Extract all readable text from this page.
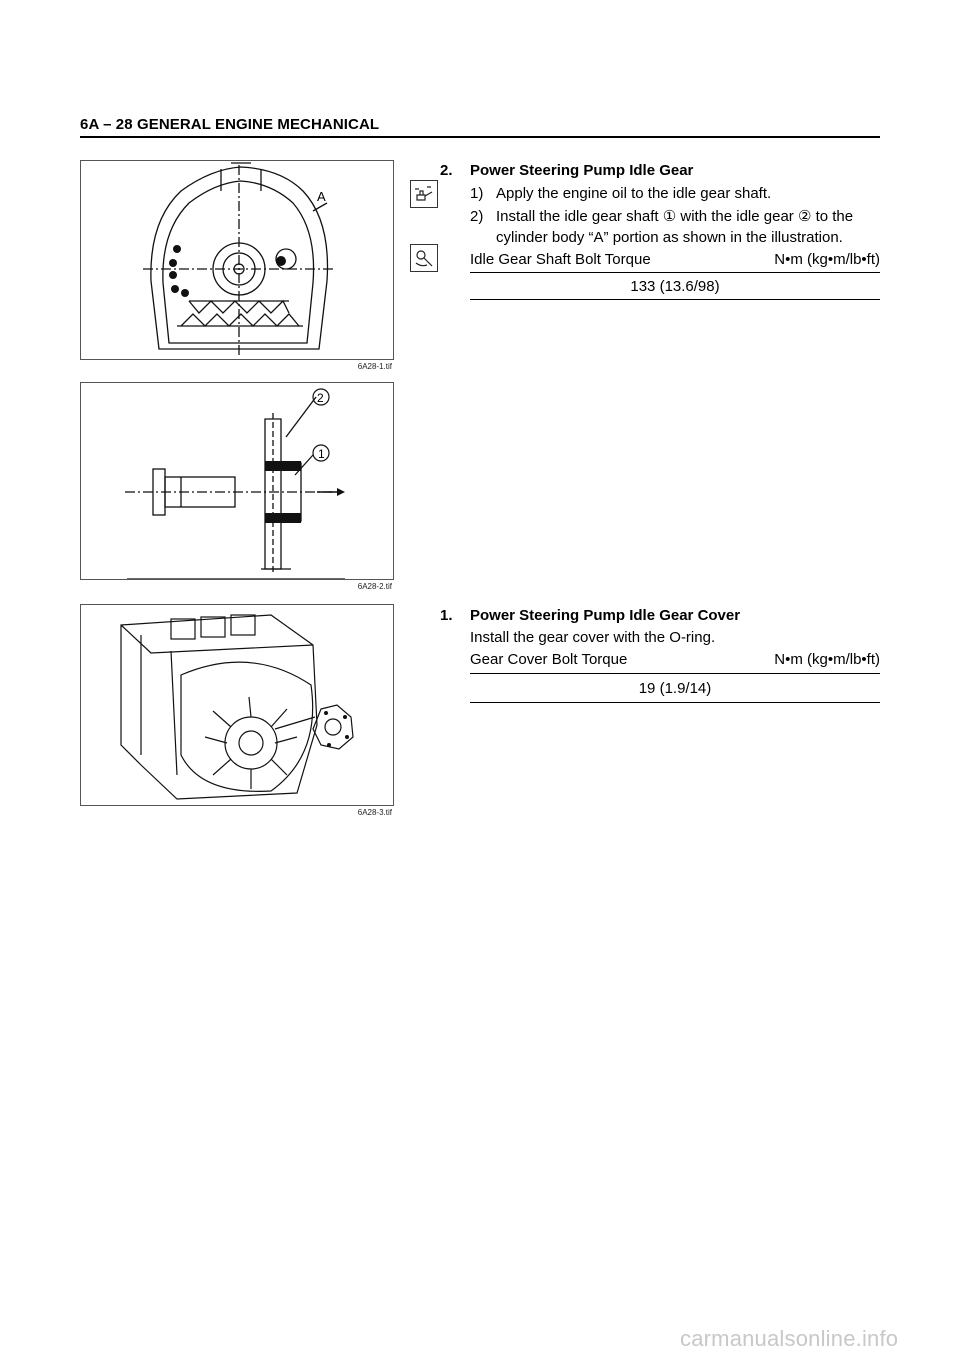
6A – 28 GENERAL ENGINE MECHANICAL
A
6A28-1.tif
2
1
6A28-2.tif
6A28-3.tif
2. Power Steering Pump Idle Gear
1) Apply the engine oil to the idle gear shaft.
2) Install the idle gear shaft ① with the idle gear ② to the
cylinder body “A” portion as shown in the illustration.
Idle Gear Shaft Bolt Torque	N•m (kg•m/lb•ft)
133 (13.6/98)
1. Power Steering Pump Idle Gear Cover
Install the gear cover with the O-ring.
Gear Cover Bolt Torque	N•m (kg•m/lb•ft)
19 (1.9/14)
carmanualsonline.info
